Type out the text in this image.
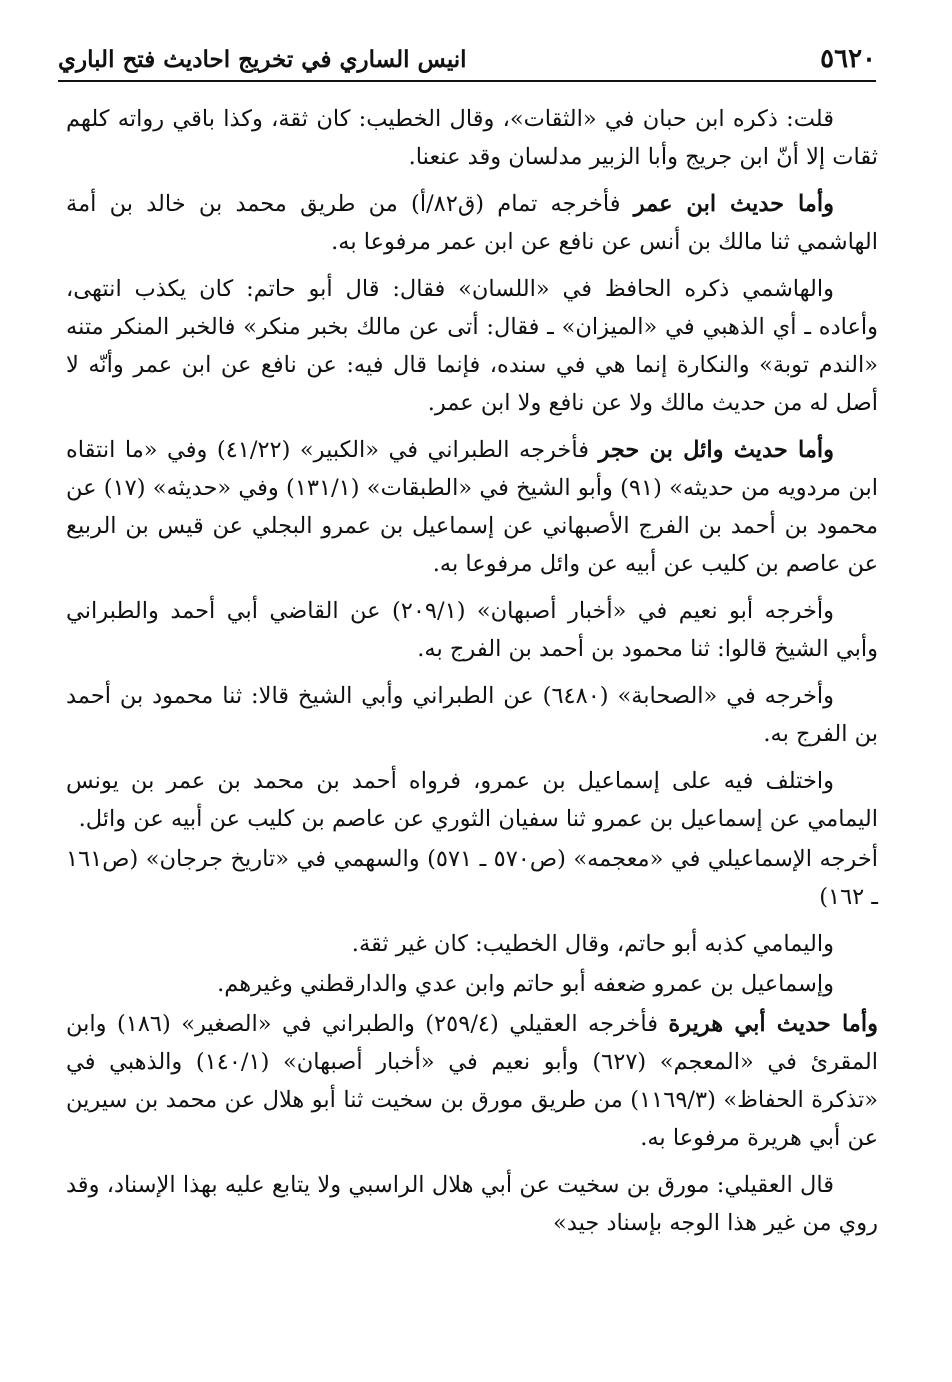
٥٦٢٠
انيس الساري في تخريج احاديث فتح الباري

قلت: ذكره ابن حبان في «الثقات»، وقال الخطيب: كان ثقة، وكذا باقي رواته كلهم ثقات إلا أنّ ابن جريج وأبا الزبير مدلسان وقد عنعنا.

وأما حديث ابن عمر فأخرجه تمام (ق٨٢/أ) من طريق محمد بن خالد بن أمة الهاشمي ثنا مالك بن أنس عن نافع عن ابن عمر مرفوعا به.

والهاشمي ذكره الحافظ في «اللسان» فقال: قال أبو حاتم: كان يكذب انتهى، وأعاده ـ أي الذهبي في «الميزان» ـ فقال: أتى عن مالك بخبر منكر» فالخبر المنكر متنه «الندم توبة» والنكارة إنما هي في سنده، فإنما قال فيه: عن نافع عن ابن عمر وأنّه لا أصل له من حديث مالك ولا عن نافع ولا ابن عمر.

وأما حديث وائل بن حجر فأخرجه الطبراني في «الكبير» (٤١/٢٢) وفي «ما انتقاه ابن مردويه من حديثه» (٩١) وأبو الشيخ في «الطبقات» (١٣١/١) وفي «حديثه» (١٧) عن محمود بن أحمد بن الفرج الأصبهاني عن إسماعيل بن عمرو البجلي عن قيس بن الربيع عن عاصم بن كليب عن أبيه عن وائل مرفوعا به.

وأخرجه أبو نعيم في «أخبار أصبهان» (٢٠٩/١) عن القاضي أبي أحمد والطبراني وأبي الشيخ قالوا: ثنا محمود بن أحمد بن الفرج به.

وأخرجه في «الصحابة» (٦٤٨٠) عن الطبراني وأبي الشيخ قالا: ثنا محمود بن أحمد بن الفرج به.

واختلف فيه على إسماعيل بن عمرو، فرواه أحمد بن محمد بن عمر بن يونس اليمامي عن إسماعيل بن عمرو ثنا سفيان الثوري عن عاصم بن كليب عن أبيه عن وائل.

أخرجه الإسماعيلي في «معجمه» (ص٥٧٠ ـ ٥٧١) والسهمي في «تاريخ جرجان» (ص١٦١ ـ ١٦٢)

واليمامي كذبه أبو حاتم، وقال الخطيب: كان غير ثقة.

وإسماعيل بن عمرو ضعفه أبو حاتم وابن عدي والدارقطني وغيرهم.

وأما حديث أبي هريرة فأخرجه العقيلي (٢٥٩/٤) والطبراني في «الصغير» (١٨٦) وابن المقرئ في «المعجم» (٦٢٧) وأبو نعيم في «أخبار أصبهان» (١٤٠/١) والذهبي في «تذكرة الحفاظ» (١١٦٩/٣) من طريق مورق بن سخيت ثنا أبو هلال عن محمد بن سيرين عن أبي هريرة مرفوعا به.

قال العقيلي: مورق بن سخيت عن أبي هلال الراسبي ولا يتابع عليه بهذا الإسناد، وقد روي من غير هذا الوجه بإسناد جيد»
